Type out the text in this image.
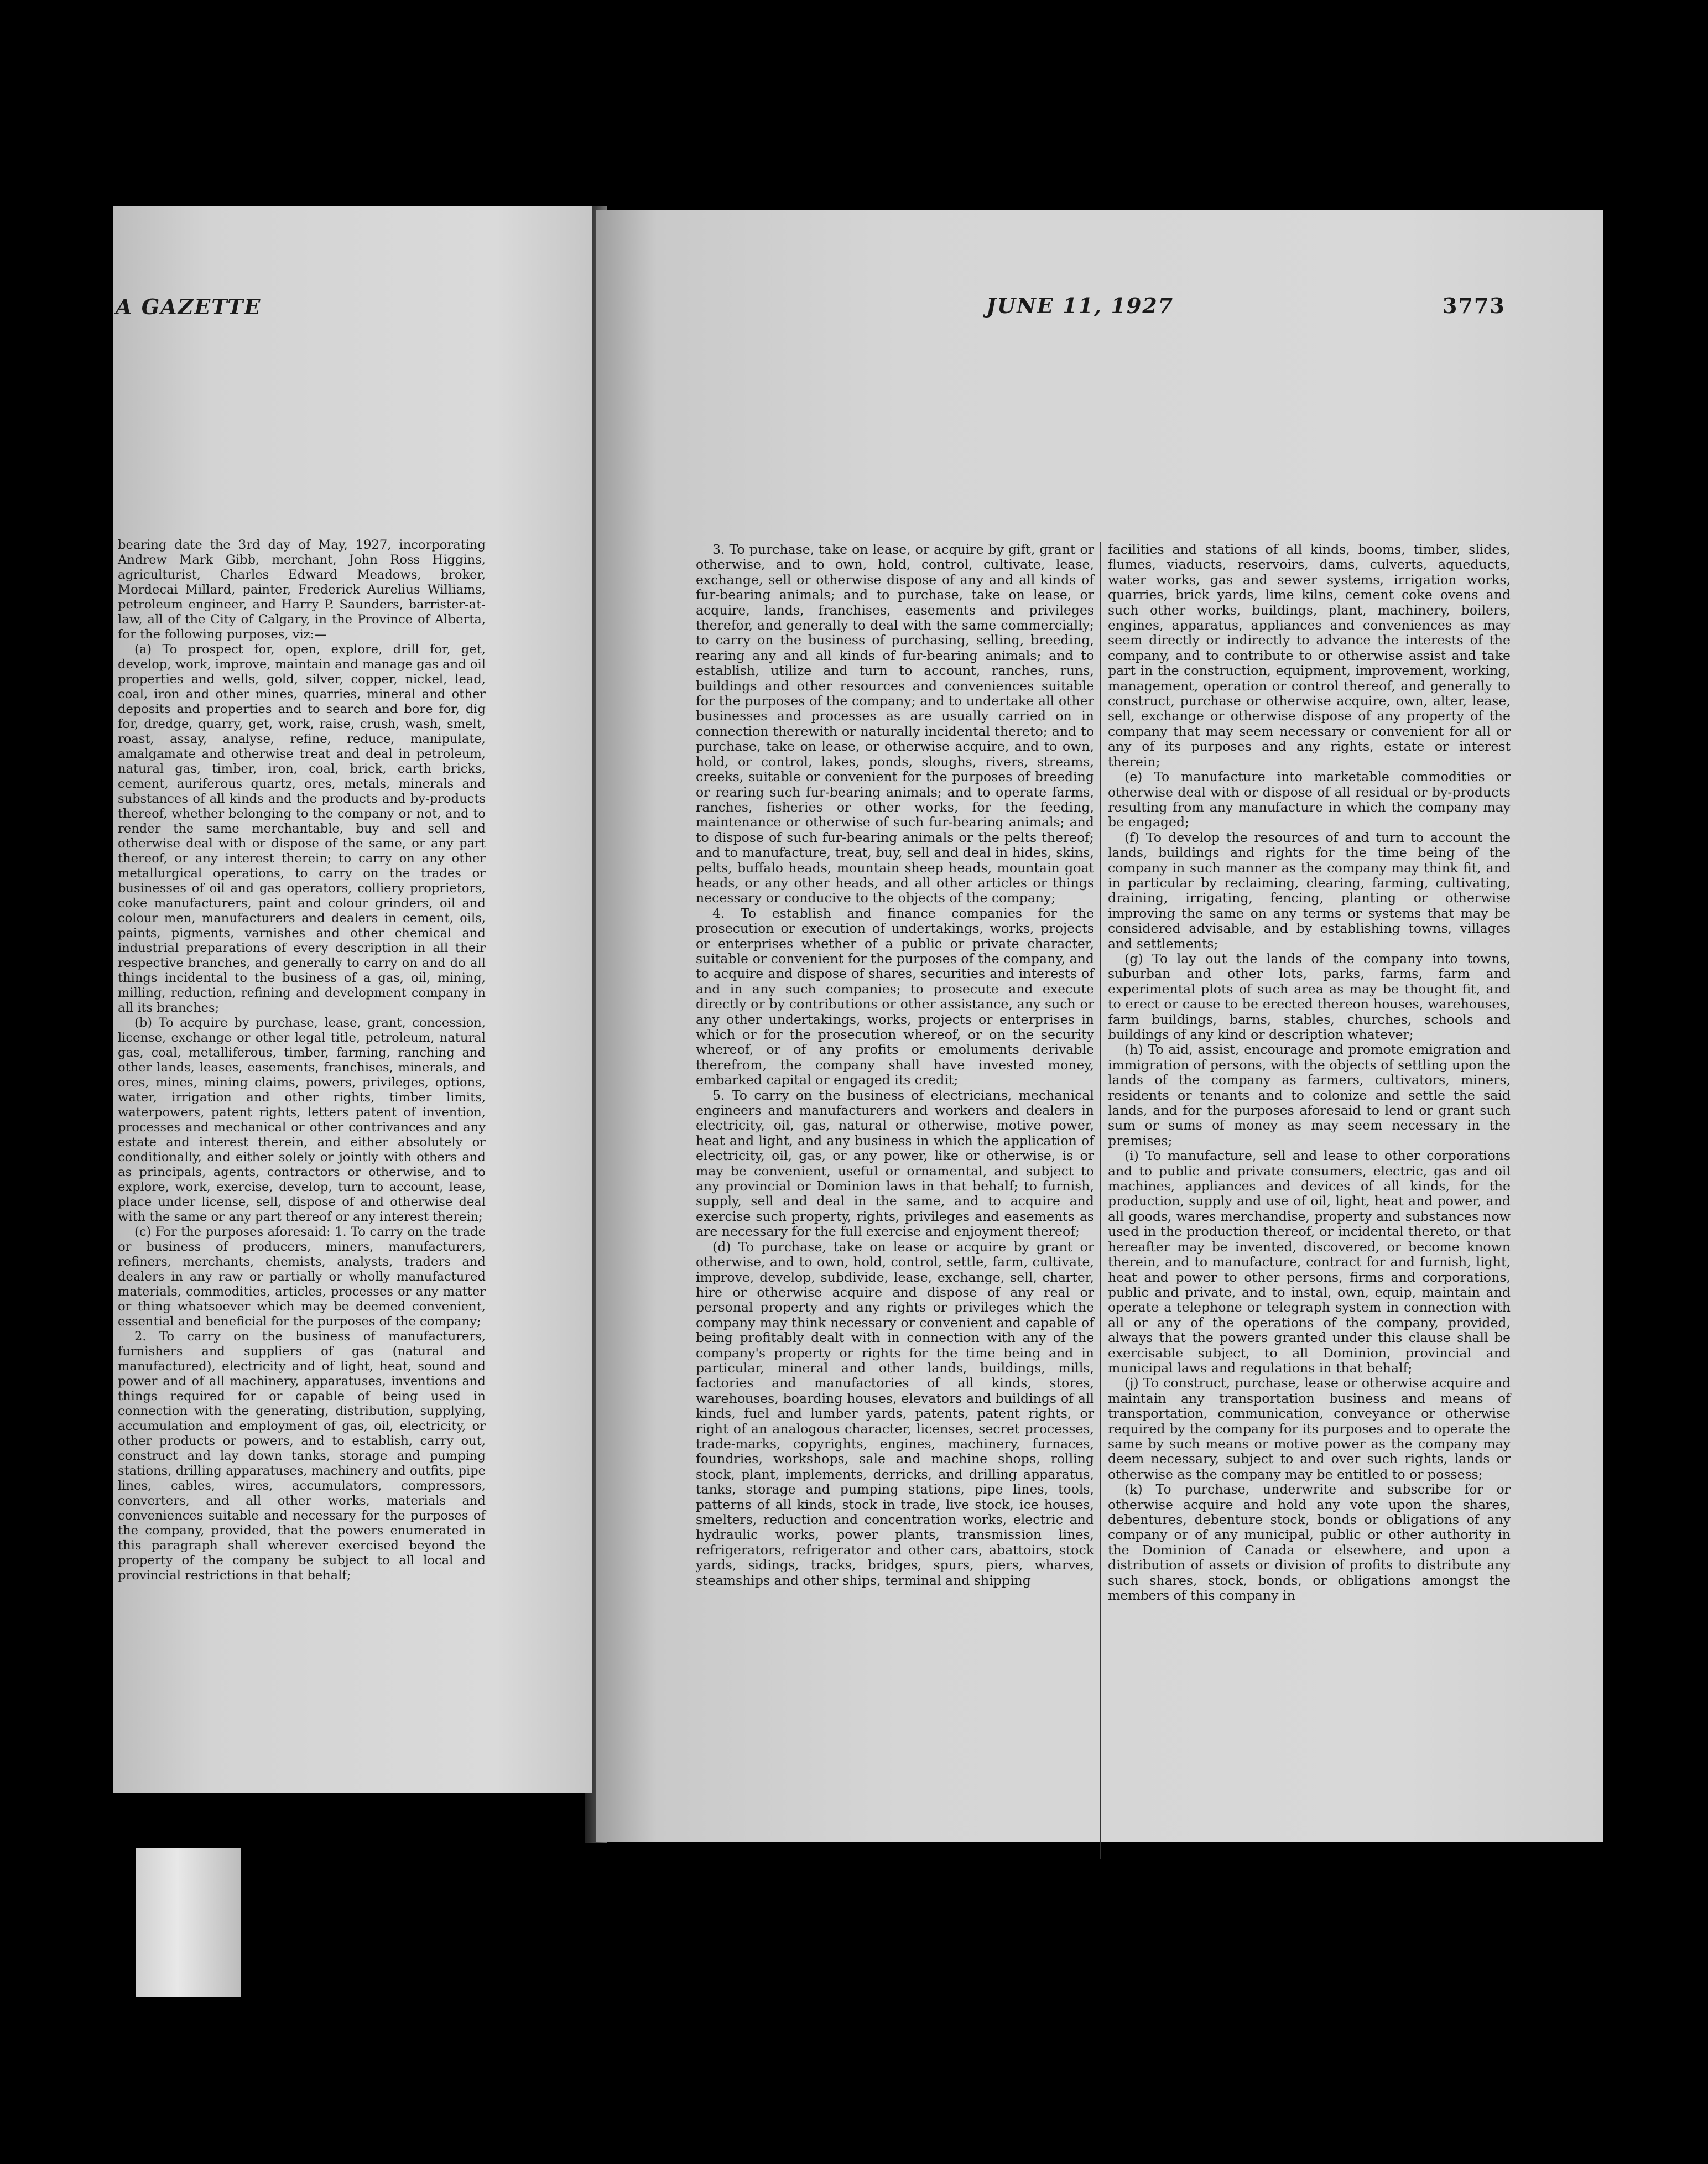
A GAZETTE

bearing date the 3rd day of May, 1927, incorporating Andrew Mark Gibb, merchant, John Ross Higgins, agriculturist, Charles Edward Meadows, broker, Mordecai Millard, painter, Frederick Aurelius Williams, petroleum engineer, and Harry P. Saunders, barrister-at-law, all of the City of Calgary, in the Province of Alberta, for the following purposes, viz:—

(a) To prospect for, open, explore, drill for, get, develop, work, improve, maintain and manage gas and oil properties and wells, gold, silver, copper, nickel, lead, coal, iron and other mines, quarries, mineral and other deposits and properties and to search and bore for, dig for, dredge, quarry, get, work, raise, crush, wash, smelt, roast, assay, analyse, refine, reduce, manipulate, amalgamate and otherwise treat and deal in petroleum, natural gas, timber, iron, coal, brick, earth bricks, cement, auriferous quartz, ores, metals, minerals and substances of all kinds and the products and by-products thereof, whether belonging to the company or not, and to render the same merchantable, buy and sell and otherwise deal with or dispose of the same, or any part thereof, or any interest therein; to carry on any other metallurgical operations, to carry on the trades or businesses of oil and gas operators, colliery proprietors, coke manufacturers, paint and colour grinders, oil and colour men, manufacturers and dealers in cement, oils, paints, pigments, varnishes and other chemical and industrial preparations of every description in all their respective branches, and generally to carry on and do all things incidental to the business of a gas, oil, mining, milling, reduction, refining and development company in all its branches;

(b) To acquire by purchase, lease, grant, concession, license, exchange or other legal title, petroleum, natural gas, coal, metalliferous, timber, farming, ranching and other lands, leases, easements, franchises, minerals, and ores, mines, mining claims, powers, privileges, options, water, irrigation and other rights, timber limits, waterpowers, patent rights, letters patent of invention, processes and mechanical or other contrivances and any estate and interest therein, and either absolutely or conditionally, and either solely or jointly with others and as principals, agents, contractors or otherwise, and to explore, work, exercise, develop, turn to account, lease, place under license, sell, dispose of and otherwise deal with the same or any part thereof or any interest therein;

(c) For the purposes aforesaid: 1. To carry on the trade or business of producers, miners, manufacturers, refiners, merchants, chemists, analysts, traders and dealers in any raw or partially or wholly manufactured materials, commodities, articles, processes or any matter or thing whatsoever which may be deemed convenient, essential and beneficial for the purposes of the company;

2. To carry on the business of manufacturers, furnishers and suppliers of gas (natural and manufactured), electricity and of light, heat, sound and power and of all machinery, apparatuses, inventions and things required for or capable of being used in connection with the generating, distribution, supplying, accumulation and employment of gas, oil, electricity, or other products or powers, and to establish, carry out, construct and lay down tanks, storage and pumping stations, drilling apparatuses, machinery and outfits, pipe lines, cables, wires, accumulators, compressors, converters, and all other works, materials and conveniences suitable and necessary for the purposes of the company, provided, that the powers enumerated in this paragraph shall wherever exercised beyond the property of the company be subject to all local and provincial restrictions in that behalf;

JUNE 11, 1927	3773

3. To purchase, take on lease, or acquire by gift, grant or otherwise, and to own, hold, control, cultivate, lease, exchange, sell or otherwise dispose of any and all kinds of fur-bearing animals; and to purchase, take on lease, or acquire, lands, franchises, easements and privileges therefor, and generally to deal with the same commercially; to carry on the business of purchasing, selling, breeding, rearing any and all kinds of fur-bearing animals; and to establish, utilize and turn to account, ranches, runs, buildings and other resources and conveniences suitable for the purposes of the company; and to undertake all other businesses and processes as are usually carried on in connection therewith or naturally incidental thereto; and to purchase, take on lease, or otherwise acquire, and to own, hold, or control, lakes, ponds, sloughs, rivers, streams, creeks, suitable or convenient for the purposes of breeding or rearing such fur-bearing animals; and to operate farms, ranches, fisheries or other works, for the feeding, maintenance or otherwise of such fur-bearing animals; and to dispose of such fur-bearing animals or the pelts thereof; and to manufacture, treat, buy, sell and deal in hides, skins, pelts, buffalo heads, mountain sheep heads, mountain goat heads, or any other heads, and all other articles or things necessary or conducive to the objects of the company;

4. To establish and finance companies for the prosecution or execution of undertakings, works, projects or enterprises whether of a public or private character, suitable or convenient for the purposes of the company, and to acquire and dispose of shares, securities and interests of and in any such companies; to prosecute and execute directly or by contributions or other assistance, any such or any other undertakings, works, projects or enterprises in which or for the prosecution whereof, or on the security whereof, or of any profits or emoluments derivable therefrom, the company shall have invested money, embarked capital or engaged its credit;

5. To carry on the business of electricians, mechanical engineers and manufacturers and workers and dealers in electricity, oil, gas, natural or otherwise, motive power, heat and light, and any business in which the application of electricity, oil, gas, or any power, like or otherwise, is or may be convenient, useful or ornamental, and subject to any provincial or Dominion laws in that behalf; to furnish, supply, sell and deal in the same, and to acquire and exercise such property, rights, privileges and easements as are necessary for the full exercise and enjoyment thereof;

(d) To purchase, take on lease or acquire by grant or otherwise, and to own, hold, control, settle, farm, cultivate, improve, develop, subdivide, lease, exchange, sell, charter, hire or otherwise acquire and dispose of any real or personal property and any rights or privileges which the company may think necessary or convenient and capable of being profitably dealt with in connection with any of the company's property or rights for the time being and in particular, mineral and other lands, buildings, mills, factories and manufactories of all kinds, stores, warehouses, boarding houses, elevators and buildings of all kinds, fuel and lumber yards, patents, patent rights, or right of an analogous character, licenses, secret processes, trade-marks, copyrights, engines, machinery, furnaces, foundries, workshops, sale and machine shops, rolling stock, plant, implements, derricks, and drilling apparatus, tanks, storage and pumping stations, pipe lines, tools, patterns of all kinds, stock in trade, live stock, ice houses, smelters, reduction and concentration works, electric and hydraulic works, power plants, transmission lines, refrigerators, refrigerator and other cars, abattoirs, stock yards, sidings, tracks, bridges, spurs, piers, wharves, steamships and other ships, terminal and shipping

facilities and stations of all kinds, booms, timber, slides, flumes, viaducts, reservoirs, dams, culverts, aqueducts, water works, gas and sewer systems, irrigation works, quarries, brick yards, lime kilns, cement coke ovens and such other works, buildings, plant, machinery, boilers, engines, apparatus, appliances and conveniences as may seem directly or indirectly to advance the interests of the company, and to contribute to or otherwise assist and take part in the construction, equipment, improvement, working, management, operation or control thereof, and generally to construct, purchase or otherwise acquire, own, alter, lease, sell, exchange or otherwise dispose of any property of the company that may seem necessary or convenient for all or any of its purposes and any rights, estate or interest therein;

(e) To manufacture into marketable commodities or otherwise deal with or dispose of all residual or by-products resulting from any manufacture in which the company may be engaged;

(f) To develop the resources of and turn to account the lands, buildings and rights for the time being of the company in such manner as the company may think fit, and in particular by reclaiming, clearing, farming, cultivating, draining, irrigating, fencing, planting or otherwise improving the same on any terms or systems that may be considered advisable, and by establishing towns, villages and settlements;

(g) To lay out the lands of the company into towns, suburban and other lots, parks, farms, farm and experimental plots of such area as may be thought fit, and to erect or cause to be erected thereon houses, warehouses, farm buildings, barns, stables, churches, schools and buildings of any kind or description whatever;

(h) To aid, assist, encourage and promote emigration and immigration of persons, with the objects of settling upon the lands of the company as farmers, cultivators, miners, residents or tenants and to colonize and settle the said lands, and for the purposes aforesaid to lend or grant such sum or sums of money as may seem necessary in the premises;

(i) To manufacture, sell and lease to other corporations and to public and private consumers, electric, gas and oil machines, appliances and devices of all kinds, for the production, supply and use of oil, light, heat and power, and all goods, wares merchandise, property and substances now used in the production thereof, or incidental thereto, or that hereafter may be invented, discovered, or become known therein, and to manufacture, contract for and furnish, light, heat and power to other persons, firms and corporations, public and private, and to instal, own, equip, maintain and operate a telephone or telegraph system in connection with all or any of the operations of the company, provided, always that the powers granted under this clause shall be exercisable subject, to all Dominion, provincial and municipal laws and regulations in that behalf;

(j) To construct, purchase, lease or otherwise acquire and maintain any transportation business and means of transportation, communication, conveyance or otherwise required by the company for its purposes and to operate the same by such means or motive power as the company may deem necessary, subject to and over such rights, lands or otherwise as the company may be entitled to or possess;

(k) To purchase, underwrite and subscribe for or otherwise acquire and hold any vote upon the shares, debentures, debenture stock, bonds or obligations of any company or of any municipal, public or other authority in the Dominion of Canada or elsewhere, and upon a distribution of assets or division of profits to distribute any such shares, stock, bonds, or obligations amongst the members of this company in
